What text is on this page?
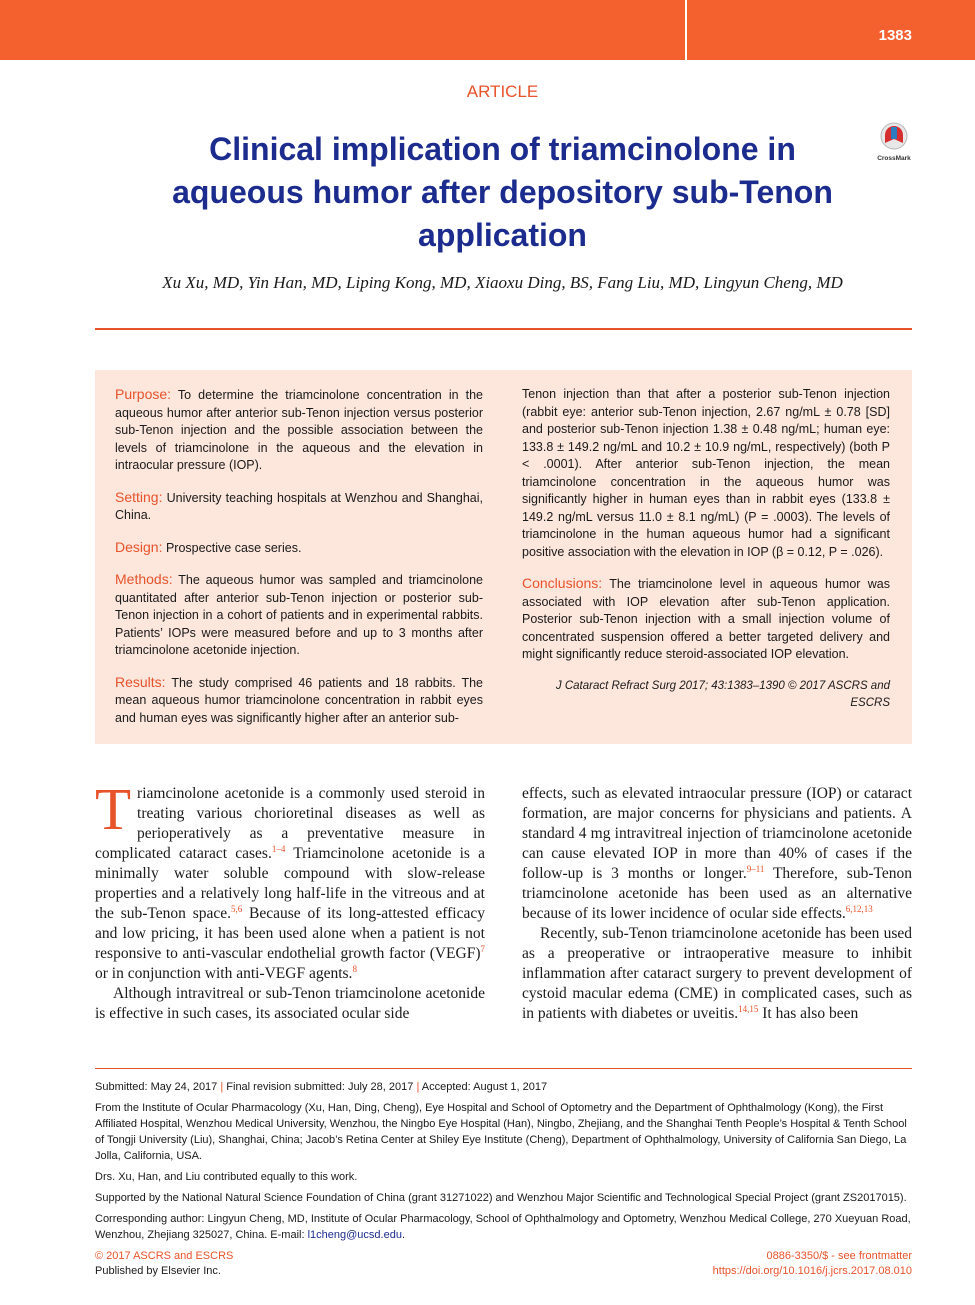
1383
ARTICLE
Clinical implication of triamcinolone in aqueous humor after depository sub-Tenon application
CrossMark
Xu Xu, MD, Yin Han, MD, Liping Kong, MD, Xiaoxu Ding, BS, Fang Liu, MD, Lingyun Cheng, MD

Purpose: To determine the triamcinolone concentration in the aqueous humor after anterior sub-Tenon injection versus posterior sub-Tenon injection and the possible association between the levels of triamcinolone in the aqueous and the elevation in intraocular pressure (IOP).

Setting: University teaching hospitals at Wenzhou and Shanghai, China.

Design: Prospective case series.

Methods: The aqueous humor was sampled and triamcinolone quantitated after anterior sub-Tenon injection or posterior sub-Tenon injection in a cohort of patients and in experimental rabbits. Patients’ IOPs were measured before and up to 3 months after triamcinolone acetonide injection.

Results: The study comprised 46 patients and 18 rabbits. The mean aqueous humor triamcinolone concentration in rabbit eyes and human eyes was significantly higher after an anterior sub-

Tenon injection than that after a posterior sub-Tenon injection (rabbit eye: anterior sub-Tenon injection, 2.67 ng/mL ± 0.78 [SD] and posterior sub-Tenon injection 1.38 ± 0.48 ng/mL; human eye: 133.8 ± 149.2 ng/mL and 10.2 ± 10.9 ng/mL, respectively) (both P < .0001). After anterior sub-Tenon injection, the mean triamcinolone concentration in the aqueous humor was significantly higher in human eyes than in rabbit eyes (133.8 ± 149.2 ng/mL versus 11.0 ± 8.1 ng/mL) (P = .0003). The levels of triamcinolone in the human aqueous humor had a significant positive association with the elevation in IOP (β = 0.12, P = .026).

Conclusions: The triamcinolone level in aqueous humor was associated with IOP elevation after sub-Tenon application. Posterior sub-Tenon injection with a small injection volume of concentrated suspension offered a better targeted delivery and might significantly reduce steroid-associated IOP elevation.

J Cataract Refract Surg 2017; 43:1383–1390 © 2017 ASCRS and ESCRS

Triamcinolone acetonide is a commonly used steroid in treating various chorioretinal diseases as well as perioperatively as a preventative measure in complicated cataract cases.$^{1-4}$ Triamcinolone acetonide is a minimally water soluble compound with slow-release properties and a relatively long half-life in the vitreous and at the sub-Tenon space.$^{5,6}$ Because of its long-attested efficacy and low pricing, it has been used alone when a patient is not responsive to anti-vascular endothelial growth factor (VEGF)$^7$ or in conjunction with anti-VEGF agents.$^8$

Although intravitreal or sub-Tenon triamcinolone acetonide is effective in such cases, its associated ocular side

effects, such as elevated intraocular pressure (IOP) or cataract formation, are major concerns for physicians and patients. A standard 4 mg intravitreal injection of triamcinolone acetonide can cause elevated IOP in more than 40% of cases if the follow-up is 3 months or longer.$^{9-11}$ Therefore, sub-Tenon triamcinolone acetonide has been used as an alternative because of its lower incidence of ocular side effects.$^{6,12,13}$

Recently, sub-Tenon triamcinolone acetonide has been used as a preoperative or intraoperative measure to inhibit inflammation after cataract surgery to prevent development of cystoid macular edema (CME) in complicated cases, such as in patients with diabetes or uveitis.$^{14,15}$ It has also been

Submitted: May 24, 2017 | Final revision submitted: July 28, 2017 | Accepted: August 1, 2017

From the Institute of Ocular Pharmacology (Xu, Han, Ding, Cheng), Eye Hospital and School of Optometry and the Department of Ophthalmology (Kong), the First Affiliated Hospital, Wenzhou Medical University, Wenzhou, the Ningbo Eye Hospital (Han), Ningbo, Zhejiang, and the Shanghai Tenth People’s Hospital & Tenth School of Tongji University (Liu), Shanghai, China; Jacob’s Retina Center at Shiley Eye Institute (Cheng), Department of Ophthalmology, University of California San Diego, La Jolla, California, USA.

Drs. Xu, Han, and Liu contributed equally to this work.

Supported by the National Natural Science Foundation of China (grant 31271022) and Wenzhou Major Scientific and Technological Special Project (grant ZS2017015).

Corresponding author: Lingyun Cheng, MD, Institute of Ocular Pharmacology, School of Ophthalmology and Optometry, Wenzhou Medical College, 270 Xueyuan Road, Wenzhou, Zhejiang 325027, China. E-mail: l1cheng@ucsd.edu.

© 2017 ASCRS and ESCRS
Published by Elsevier Inc.
0886-3350/$ - see frontmatter
https://doi.org/10.1016/j.jcrs.2017.08.010
